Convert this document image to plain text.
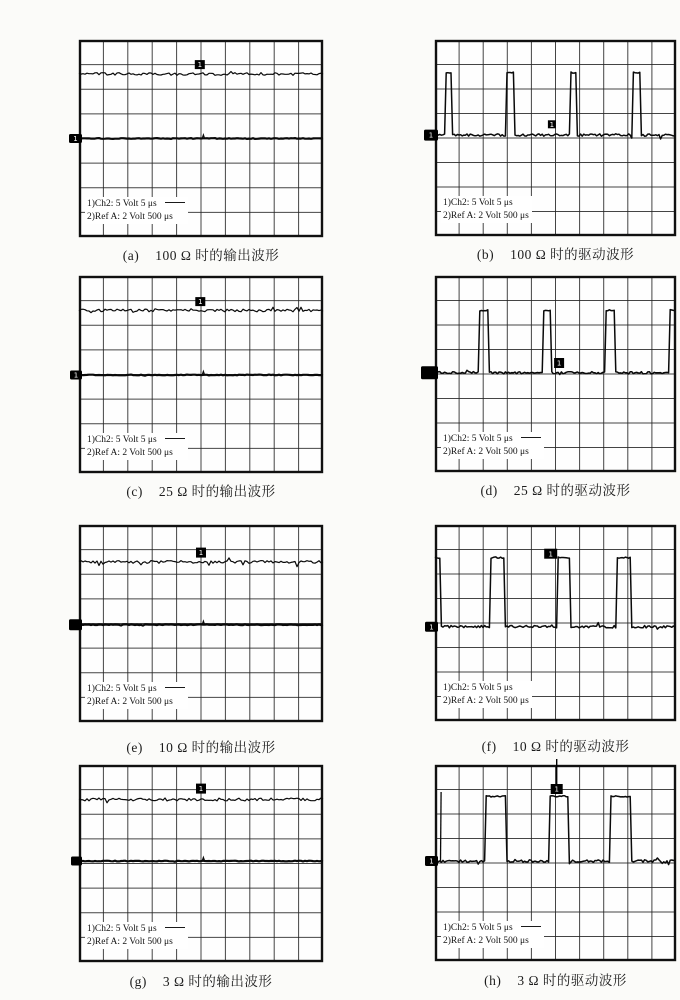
1
1
1)Ch2: 5 Volt 5 μs
2)Ref A: 2 Volt 500 μs
(a) 100 Ω 时的输出波形
1
1
1)Ch2: 5 Volt 5 μs
2)Ref A: 2 Volt 500 μs
(b) 100 Ω 时的驱动波形
1
1
1)Ch2: 5 Volt 5 μs
2)Ref A: 2 Volt 500 μs
(c) 25 Ω 时的输出波形
1
1)Ch2: 5 Volt 5 μs
2)Ref A: 2 Volt 500 μs
(d) 25 Ω 时的驱动波形
1
1)Ch2: 5 Volt 5 μs
2)Ref A: 2 Volt 500 μs
(e) 10 Ω 时的输出波形
1
1
1)Ch2: 5 Volt 5 μs
2)Ref A: 2 Volt 500 μs
(f) 10 Ω 时的驱动波形
1
1)Ch2: 5 Volt 5 μs
2)Ref A: 2 Volt 500 μs
(g) 3 Ω 时的输出波形
1
1
1)Ch2: 5 Volt 5 μs
2)Ref A: 2 Volt 500 μs
(h) 3 Ω 时的驱动波形
